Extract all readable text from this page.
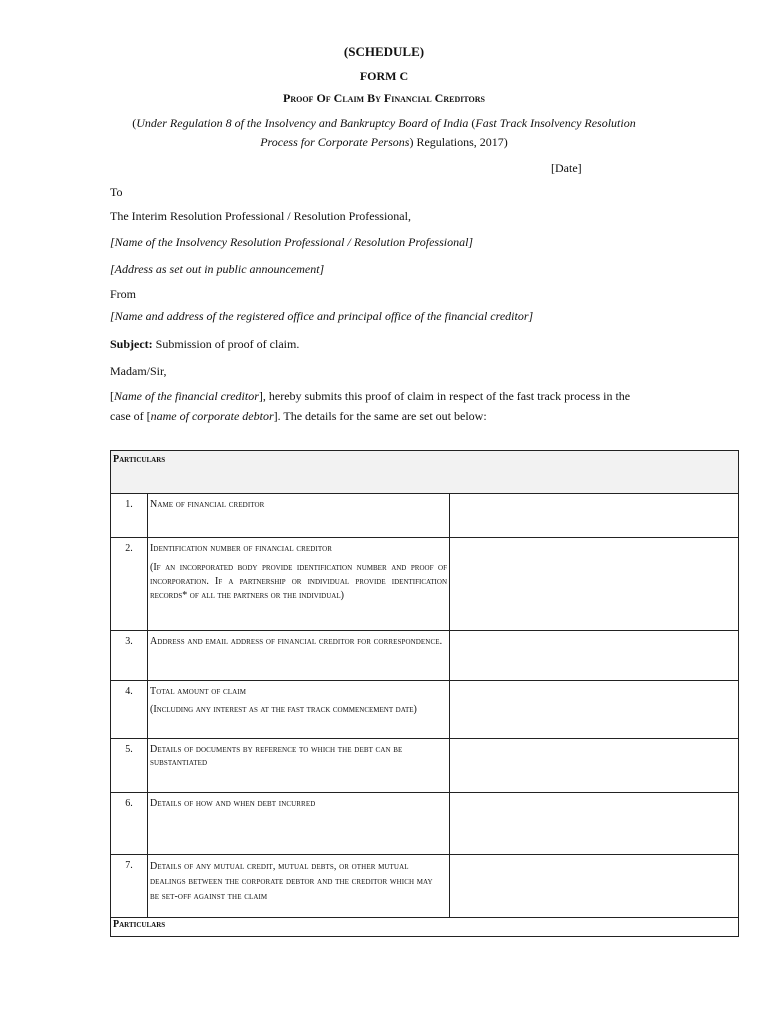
(SCHEDULE)
FORM C
Proof Of Claim By Financial Creditors
(Under Regulation 8 of the Insolvency and Bankruptcy Board of India (Fast Track Insolvency Resolution
Process for Corporate Persons) Regulations, 2017)
[Date]
To
The Interim Resolution Professional / Resolution Professional,
[Name of the Insolvency Resolution Professional / Resolution Professional]
[Address as set out in public announcement]
From
[Name and address of the registered office and principal office of the financial creditor]
Subject: Submission of proof of claim.
Madam/Sir,
[Name of the financial creditor], hereby submits this proof of claim in respect of the fast track process in the
case of [name of corporate debtor]. The details for the same are set out below:
Particulars		
1.	Name of financial creditor	

2.	Identification number of financial creditor
(If an incorporated body provide identification number and proof of incorporation. If a partnership or individual provide identification records* of all the partners or the individual)	

3.	Address and email address of financial creditor for correspondence.	

4.	Total amount of claim
(Including any interest as at the fast track commencement date)	

5.	Details of documents by reference to which the debt can be substantiated	

6.	Details of how and when debt incurred	

7.	Details of any mutual credit, mutual debts, or other mutual dealings between the corporate debtor and the creditor which may be set-off against the claim	

Particulars		
